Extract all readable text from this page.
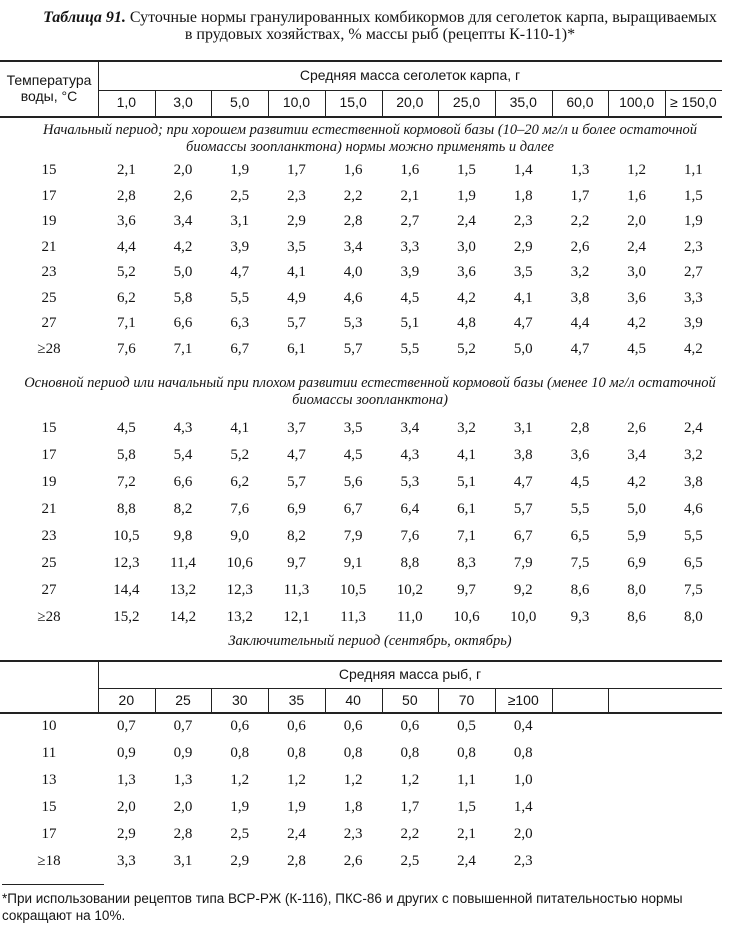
Таблица 91. Суточные нормы гранулированных комбикормов для сеголеток карпа, выращиваемых в прудовых хозяйствах, % массы рыб (рецепты К-110-1)*
Температура воды, °С
Средняя масса сеголеток карпа, г
1,0	3,0	5,0	10,0	15,0	20,0	25,0	35,0	60,0	100,0	≥ 150,0
Начальный период; при хорошем развитии естественной кормовой базы (10–20 мг/л и более остаточной биомассы зоопланктона) нормы можно применять и далее
15	2,1	2,0	1,9	1,7	1,6	1,6	1,5	1,4	1,3	1,2	1,1
17	2,8	2,6	2,5	2,3	2,2	2,1	1,9	1,8	1,7	1,6	1,5
19	3,6	3,4	3,1	2,9	2,8	2,7	2,4	2,3	2,2	2,0	1,9
21	4,4	4,2	3,9	3,5	3,4	3,3	3,0	2,9	2,6	2,4	2,3
23	5,2	5,0	4,7	4,1	4,0	3,9	3,6	3,5	3,2	3,0	2,7
25	6,2	5,8	5,5	4,9	4,6	4,5	4,2	4,1	3,8	3,6	3,3
27	7,1	6,6	6,3	5,7	5,3	5,1	4,8	4,7	4,4	4,2	3,9
≥28	7,6	7,1	6,7	6,1	5,7	5,5	5,2	5,0	4,7	4,5	4,2
Основной период или начальный при плохом развитии естественной кормовой базы (менее 10 мг/л остаточной биомассы зоопланктона)
15	4,5	4,3	4,1	3,7	3,5	3,4	3,2	3,1	2,8	2,6	2,4
17	5,8	5,4	5,2	4,7	4,5	4,3	4,1	3,8	3,6	3,4	3,2
19	7,2	6,6	6,2	5,7	5,6	5,3	5,1	4,7	4,5	4,2	3,8
21	8,8	8,2	7,6	6,9	6,7	6,4	6,1	5,7	5,5	5,0	4,6
23	10,5	9,8	9,0	8,2	7,9	7,6	7,1	6,7	6,5	5,9	5,5
25	12,3	11,4	10,6	9,7	9,1	8,8	8,3	7,9	7,5	6,9	6,5
27	14,4	13,2	12,3	11,3	10,5	10,2	9,7	9,2	8,6	8,0	7,5
≥28	15,2	14,2	13,2	12,1	11,3	11,0	10,6	10,0	9,3	8,6	8,0
Заключительный период (сентябрь, октябрь)
Средняя масса рыб, г
20	25	30	35	40	50	70	≥100
10	0,7	0,7	0,6	0,6	0,6	0,6	0,5	0,4
11	0,9	0,9	0,8	0,8	0,8	0,8	0,8	0,8
13	1,3	1,3	1,2	1,2	1,2	1,2	1,1	1,0
15	2,0	2,0	1,9	1,9	1,8	1,7	1,5	1,4
17	2,9	2,8	2,5	2,4	2,3	2,2	2,1	2,0
≥18	3,3	3,1	2,9	2,8	2,6	2,5	2,4	2,3
*При использовании рецептов типа ВСР-РЖ (К-116), ПКС-86 и других с повышенной питательностью нормы сокращают на 10%.
